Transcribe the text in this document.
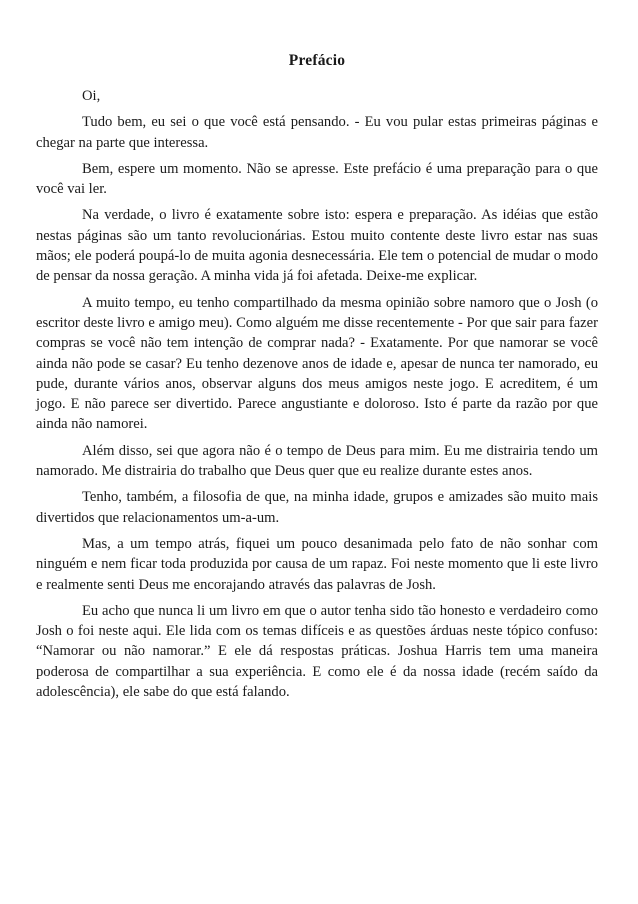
Prefácio

Oi,

Tudo bem, eu sei o que você está pensando. - Eu vou pular estas primeiras páginas e chegar na parte que interessa.

Bem, espere um momento. Não se apresse. Este prefácio é uma preparação para o que você vai ler.

Na verdade, o livro é exatamente sobre isto: espera e preparação. As idéias que estão nestas páginas são um tanto revolucionárias. Estou muito contente deste livro estar nas suas mãos; ele poderá poupá-lo de muita agonia desnecessária. Ele tem o potencial de mudar o modo de pensar da nossa geração. A minha vida já foi afetada. Deixe-me explicar.

A muito tempo, eu tenho compartilhado da mesma opinião sobre namoro que o Josh (o escritor deste livro e amigo meu). Como alguém me disse recentemente - Por que sair para fazer compras se você não tem intenção de comprar nada? - Exatamente. Por que namorar se você ainda não pode se casar? Eu tenho dezenove anos de idade e, apesar de nunca ter namorado, eu pude, durante vários anos, observar alguns dos meus amigos neste jogo. E acreditem, é um jogo. E não parece ser divertido. Parece angustiante e doloroso. Isto é parte da razão por que ainda não namorei.

Além disso, sei que agora não é o tempo de Deus para mim. Eu me distrairia tendo um namorado. Me distrairia do trabalho que Deus quer que eu realize durante estes anos.

Tenho, também, a filosofia de que, na minha idade, grupos e amizades são muito mais divertidos que relacionamentos um-a-um.

Mas, a um tempo atrás, fiquei um pouco desanimada pelo fato de não sonhar com ninguém e nem ficar toda produzida por causa de um rapaz. Foi neste momento que li este livro e realmente senti Deus me encorajando através das palavras de Josh.

Eu acho que nunca li um livro em que o autor tenha sido tão honesto e verdadeiro como Josh o foi neste aqui. Ele lida com os temas difíceis e as questões árduas neste tópico confuso: “Namorar ou não namorar.” E ele dá respostas práticas. Joshua Harris tem uma maneira poderosa de compartilhar a sua experiência. E como ele é da nossa idade (recém saído da adolescência), ele sabe do que está falando.
